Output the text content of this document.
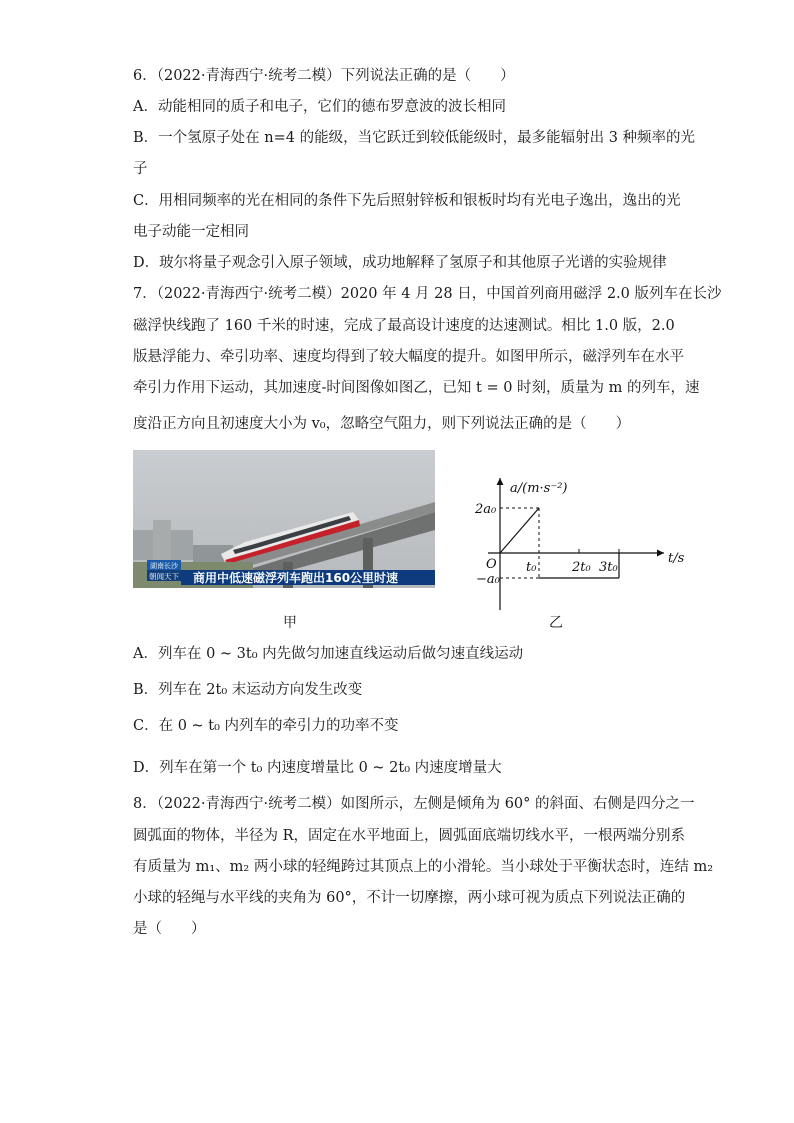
6．（2022·青海西宁·统考二模）下列说法正确的是（　　）
A．动能相同的质子和电子，它们的德布罗意波的波长相同
B．一个氢原子处在 n=4 的能级，当它跃迁到较低能级时，最多能辐射出 3 种频率的光
子
C．用相同频率的光在相同的条件下先后照射锌板和银板时均有光电子逸出，逸出的光
电子动能一定相同
D．玻尔将量子观念引入原子领域，成功地解释了氢原子和其他原子光谱的实验规律
7．（2022·青海西宁·统考二模）2020 年 4 月 28 日，中国首列商用磁浮 2.0 版列车在长沙
磁浮快线跑了 160 千米的时速，完成了最高设计速度的达速测试。相比 1.0 版，2.0
版悬浮能力、牵引功率、速度均得到了较大幅度的提升。如图甲所示，磁浮列车在水平
牵引力作用下运动，其加速度-时间图像如图乙，已知 t = 0 时刻，质量为 m 的列车，速
度沿正方向且初速度大小为 v₀，忽略空气阻力，则下列说法正确的是（　　）
湖南长沙
朝闻天下 商用中低速磁浮列车跑出160公里时速
甲
a/(m·s⁻²)
t/s
O
2a₀
−a₀
t₀	2t₀ 3t₀
乙
A．列车在 0 ~ 3t₀ 内先做匀加速直线运动后做匀速直线运动
B．列车在 2t₀ 末运动方向发生改变
C．在 0 ~ t₀ 内列车的牵引力的功率不变
D．列车在第一个 t₀ 内速度增量比 0 ~ 2t₀ 内速度增量大
8．（2022·青海西宁·统考二模）如图所示，左侧是倾角为 60° 的斜面、右侧是四分之一
圆弧面的物体，半径为 R，固定在水平地面上，圆弧面底端切线水平，一根两端分别系
有质量为 m₁、m₂ 两小球的轻绳跨过其顶点上的小滑轮。当小球处于平衡状态时，连结 m₂
小球的轻绳与水平线的夹角为 60°，不计一切摩擦，两小球可视为质点下列说法正确的
是（　　）
